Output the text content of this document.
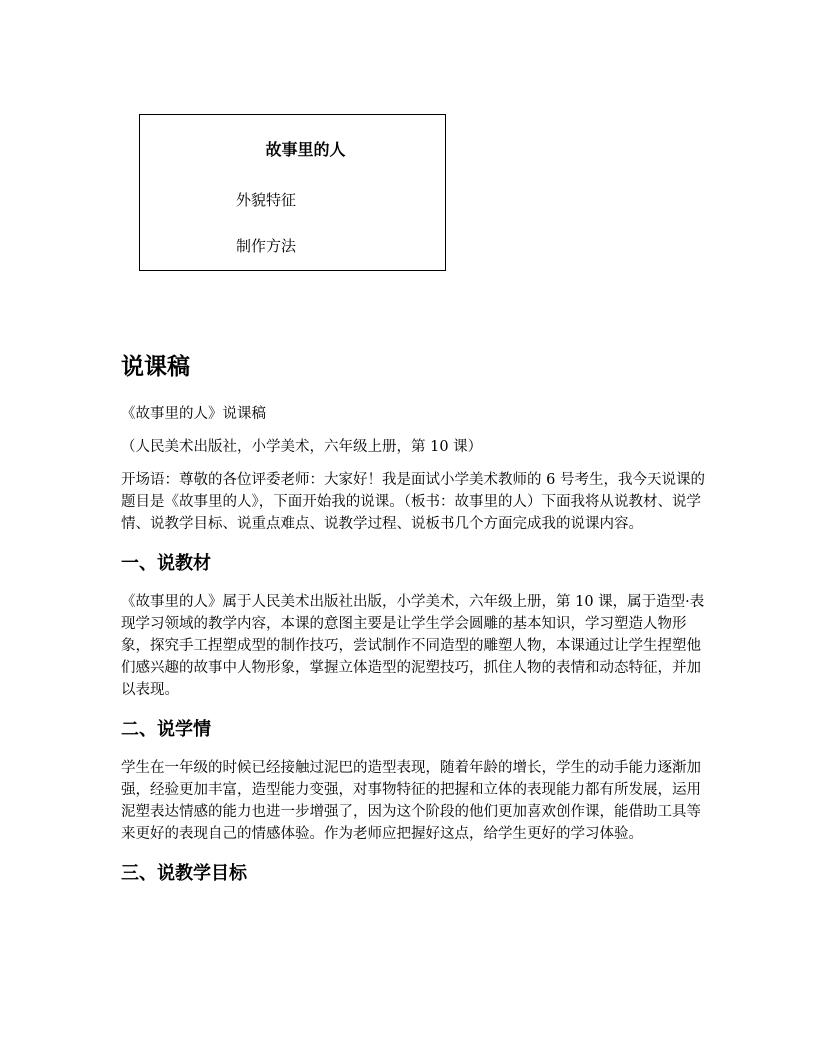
故事里的人
外貌特征
制作方法
说课稿

《故事里的人》说课稿

（人民美术出版社，小学美术，六年级上册，第 10 课）

开场语：尊敬的各位评委老师：大家好！我是面试小学美术教师的 6 号考生，我今天说课的题目是《故事里的人》，下面开始我的说课。（板书：故事里的人）下面我将从说教材、说学情、说教学目标、说重点难点、说教学过程、说板书几个方面完成我的说课内容。

一、说教材

《故事里的人》属于人民美术出版社出版，小学美术，六年级上册，第 10 课，属于造型·表现学习领域的教学内容，本课的意图主要是让学生学会圆雕的基本知识，学习塑造人物形象，探究手工捏塑成型的制作技巧，尝试制作不同造型的雕塑人物，本课通过让学生捏塑他们感兴趣的故事中人物形象，掌握立体造型的泥塑技巧，抓住人物的表情和动态特征，并加以表现。

二、说学情

学生在一年级的时候已经接触过泥巴的造型表现，随着年龄的增长，学生的动手能力逐渐加强，经验更加丰富，造型能力变强，对事物特征的把握和立体的表现能力都有所发展，运用泥塑表达情感的能力也进一步增强了，因为这个阶段的他们更加喜欢创作课，能借助工具等来更好的表现自己的情感体验。作为老师应把握好这点，给学生更好的学习体验。

三、说教学目标
